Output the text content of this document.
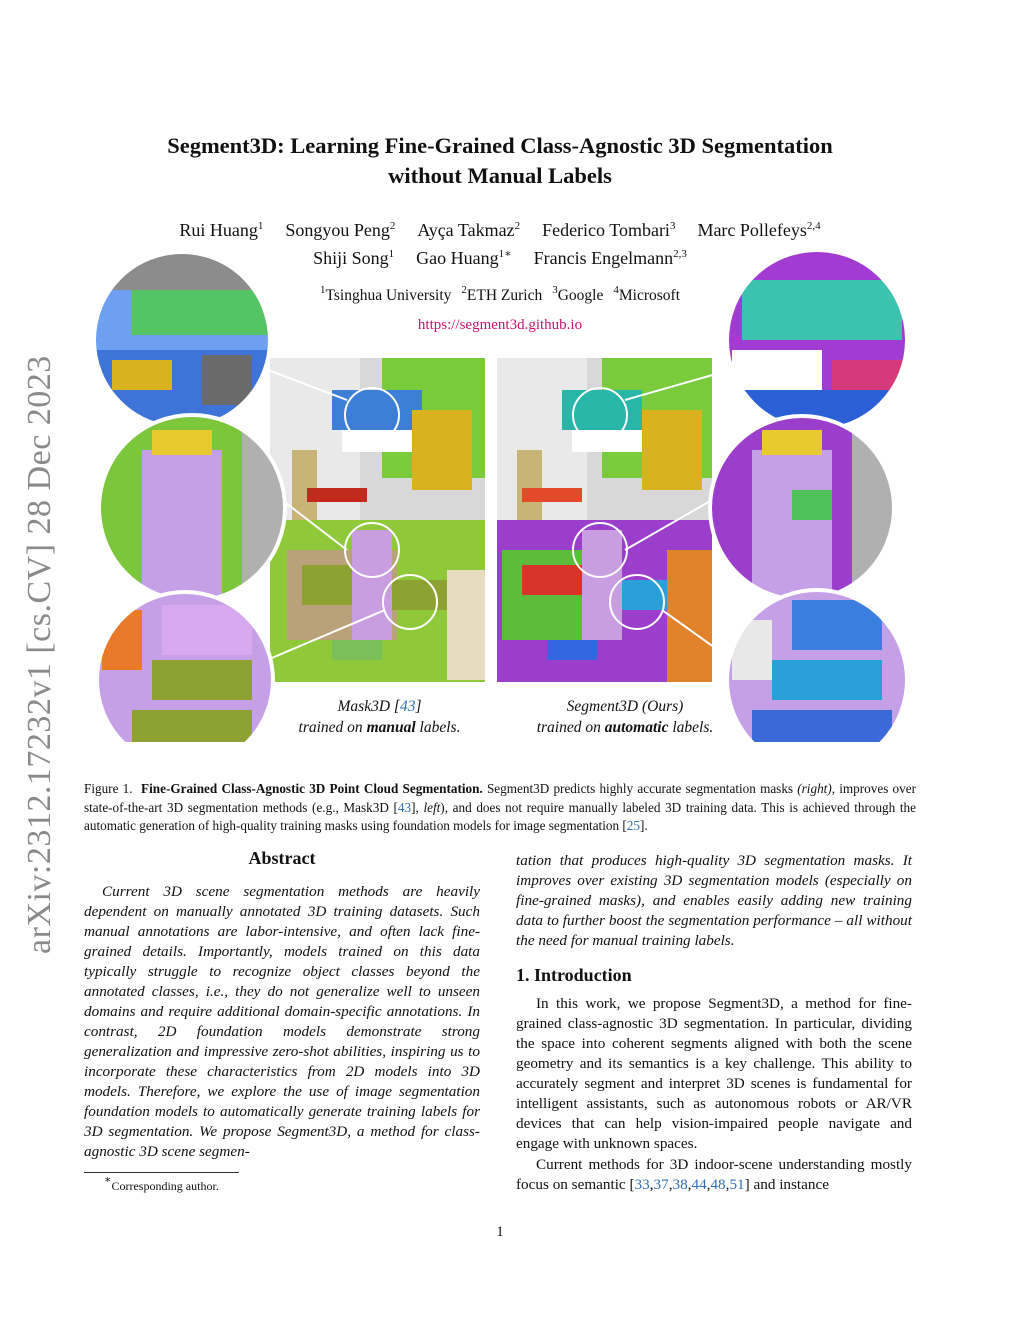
arXiv:2312.17232v1 [cs.CV] 28 Dec 2023
Segment3D: Learning Fine-Grained Class-Agnostic 3D Segmentation
without Manual Labels
Rui Huang$^1$ Songyou Peng$^2$ Ayça Takmaz$^2$ Federico Tombari$^3$ Marc Pollefeys$^{2,4}$
Shiji Song$^1$ Gao Huang$^{1∗}$ Francis Engelmann$^{2,3}$
$^1$Tsinghua University $^2$ETH Zurich $^3$Google $^4$Microsoft
https://segment3d.github.io
Mask3D [43]
trained on manual labels.
Segment3D (Ours)
trained on automatic labels.
Figure 1. Fine-Grained Class-Agnostic 3D Point Cloud Segmentation. Segment3D predicts highly accurate segmentation masks (right), improves over state-of-the-art 3D segmentation methods (e.g., Mask3D [43], left), and does not require manually labeled 3D training data. This is achieved through the automatic generation of high-quality training masks using foundation models for image segmentation [25].
Abstract
Current 3D scene segmentation methods are heavily dependent on manually annotated 3D training datasets. Such manual annotations are labor-intensive, and often lack fine-grained details. Importantly, models trained on this data typically struggle to recognize object classes beyond the annotated classes, i.e., they do not generalize well to unseen domains and require additional domain-specific annotations. In contrast, 2D foundation models demonstrate strong generalization and impressive zero-shot abilities, inspiring us to incorporate these characteristics from 2D models into 3D models. Therefore, we explore the use of image segmentation foundation models to automatically generate training labels for 3D segmentation. We propose Segment3D, a method for class-agnostic 3D scene segmen-
∗Corresponding author.
tation that produces high-quality 3D segmentation masks. It improves over existing 3D segmentation models (especially on fine-grained masks), and enables easily adding new training data to further boost the segmentation performance – all without the need for manual training labels.
1. Introduction
In this work, we propose Segment3D, a method for fine-grained class-agnostic 3D segmentation. In particular, dividing the space into coherent segments aligned with both the scene geometry and its semantics is a key challenge. This ability to accurately segment and interpret 3D scenes is fundamental for intelligent assistants, such as autonomous robots or AR/VR devices that can help vision-impaired people navigate and engage with unknown spaces.
Current methods for 3D indoor-scene understanding mostly focus on semantic [33,37,38,44,48,51] and instance
1
